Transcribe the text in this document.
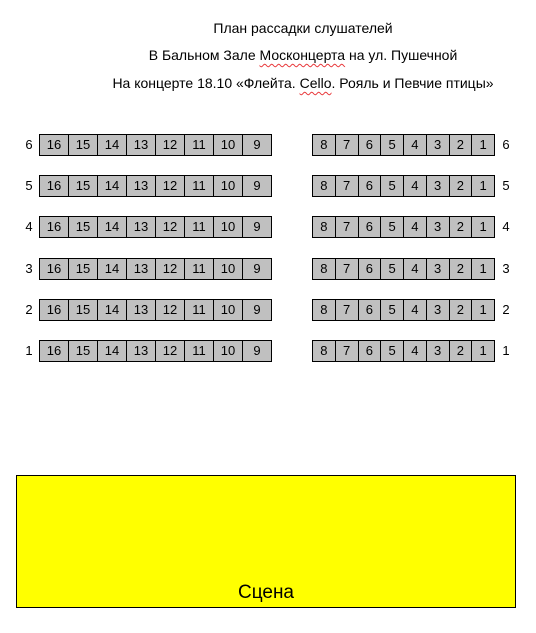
План рассадки слушателей
В Бальном Зале Москонцерта на ул. Пушечной
На концерте 18.10 «Флейта. Cello. Рояль и Певчие птицы»
6	16	15	14	13	12	11	10	9	8	7	6	5	4	3	2	1	6
5	16	15	14	13	12	11	10	9	8	7	6	5	4	3	2	1	5
4	16	15	14	13	12	11	10	9	8	7	6	5	4	3	2	1	4
3	16	15	14	13	12	11	10	9	8	7	6	5	4	3	2	1	3
2	16	15	14	13	12	11	10	9	8	7	6	5	4	3	2	1	2
1	16	15	14	13	12	11	10	9	8	7	6	5	4	3	2	1	1
Сцена
